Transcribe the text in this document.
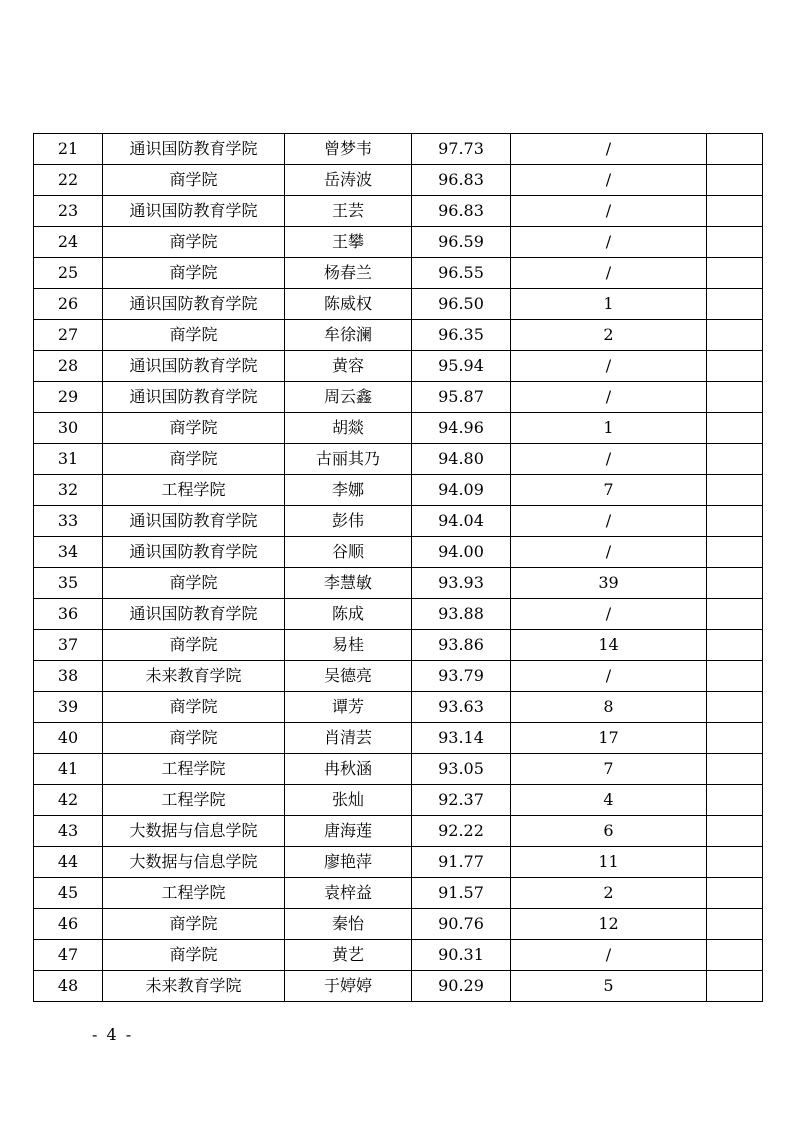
21	通识国防教育学院	曾梦韦	97.73	/	
22	商学院	岳涛波	96.83	/	
23	通识国防教育学院	王芸	96.83	/	
24	商学院	王攀	96.59	/	
25	商学院	杨春兰	96.55	/	
26	通识国防教育学院	陈威权	96.50	1	
27	商学院	牟徐澜	96.35	2	
28	通识国防教育学院	黄容	95.94	/	
29	通识国防教育学院	周云鑫	95.87	/	
30	商学院	胡燚	94.96	1	
31	商学院	古丽其乃	94.80	/	
32	工程学院	李娜	94.09	7	
33	通识国防教育学院	彭伟	94.04	/	
34	通识国防教育学院	谷顺	94.00	/	
35	商学院	李慧敏	93.93	39	
36	通识国防教育学院	陈成	93.88	/	
37	商学院	易桂	93.86	14	
38	未来教育学院	吴德亮	93.79	/	
39	商学院	谭芳	93.63	8	
40	商学院	肖清芸	93.14	17	
41	工程学院	冉秋涵	93.05	7	
42	工程学院	张灿	92.37	4	
43	大数据与信息学院	唐海莲	92.22	6	
44	大数据与信息学院	廖艳萍	91.77	11	
45	工程学院	袁梓益	91.57	2	
46	商学院	秦怡	90.76	12	
47	商学院	黄艺	90.31	/	
48	未来教育学院	于婷婷	90.29	5	
- 4 -
